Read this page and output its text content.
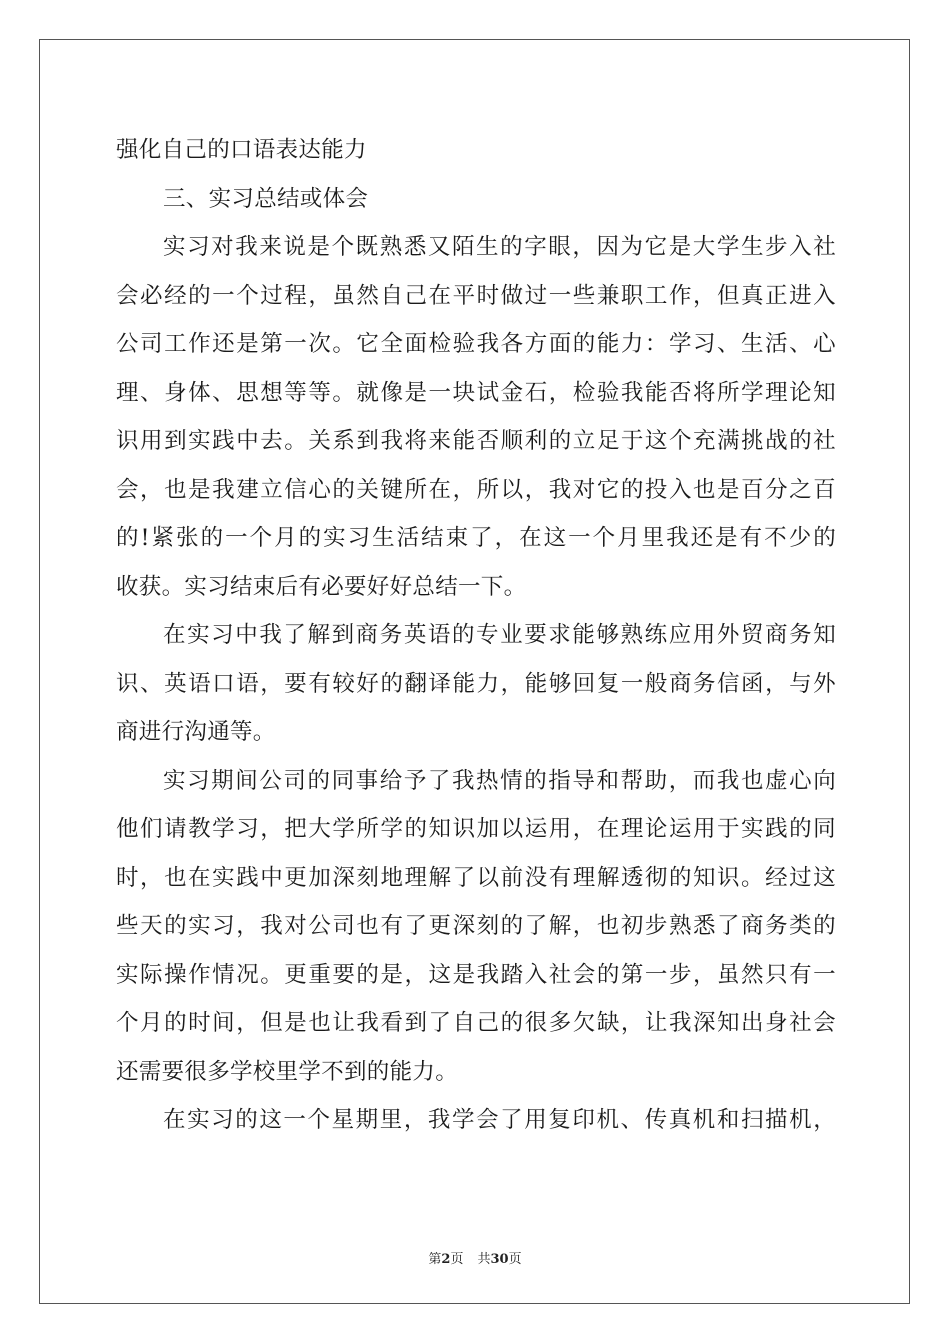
强化自己的口语表达能力
三、实习总结或体会
实习对我来说是个既熟悉又陌生的字眼，因为它是大学生步入社
会必经的一个过程，虽然自己在平时做过一些兼职工作，但真正进入
公司工作还是第一次。它全面检验我各方面的能力：学习、生活、心
理、身体、思想等等。就像是一块试金石，检验我能否将所学理论知
识用到实践中去。关系到我将来能否顺利的立足于这个充满挑战的社
会，也是我建立信心的关键所在，所以，我对它的投入也是百分之百
的!紧张的一个月的实习生活结束了，在这一个月里我还是有不少的
收获。实习结束后有必要好好总结一下。
在实习中我了解到商务英语的专业要求能够熟练应用外贸商务知
识、英语口语，要有较好的翻译能力，能够回复一般商务信函，与外
商进行沟通等。
实习期间公司的同事给予了我热情的指导和帮助，而我也虚心向
他们请教学习，把大学所学的知识加以运用，在理论运用于实践的同
时，也在实践中更加深刻地理解了以前没有理解透彻的知识。经过这
些天的实习，我对公司也有了更深刻的了解，也初步熟悉了商务类的
实际操作情况。更重要的是，这是我踏入社会的第一步，虽然只有一
个月的时间，但是也让我看到了自己的很多欠缺，让我深知出身社会
还需要很多学校里学不到的能力。
在实习的这一个星期里，我学会了用复印机、传真机和扫描机，
第2页 共30页
